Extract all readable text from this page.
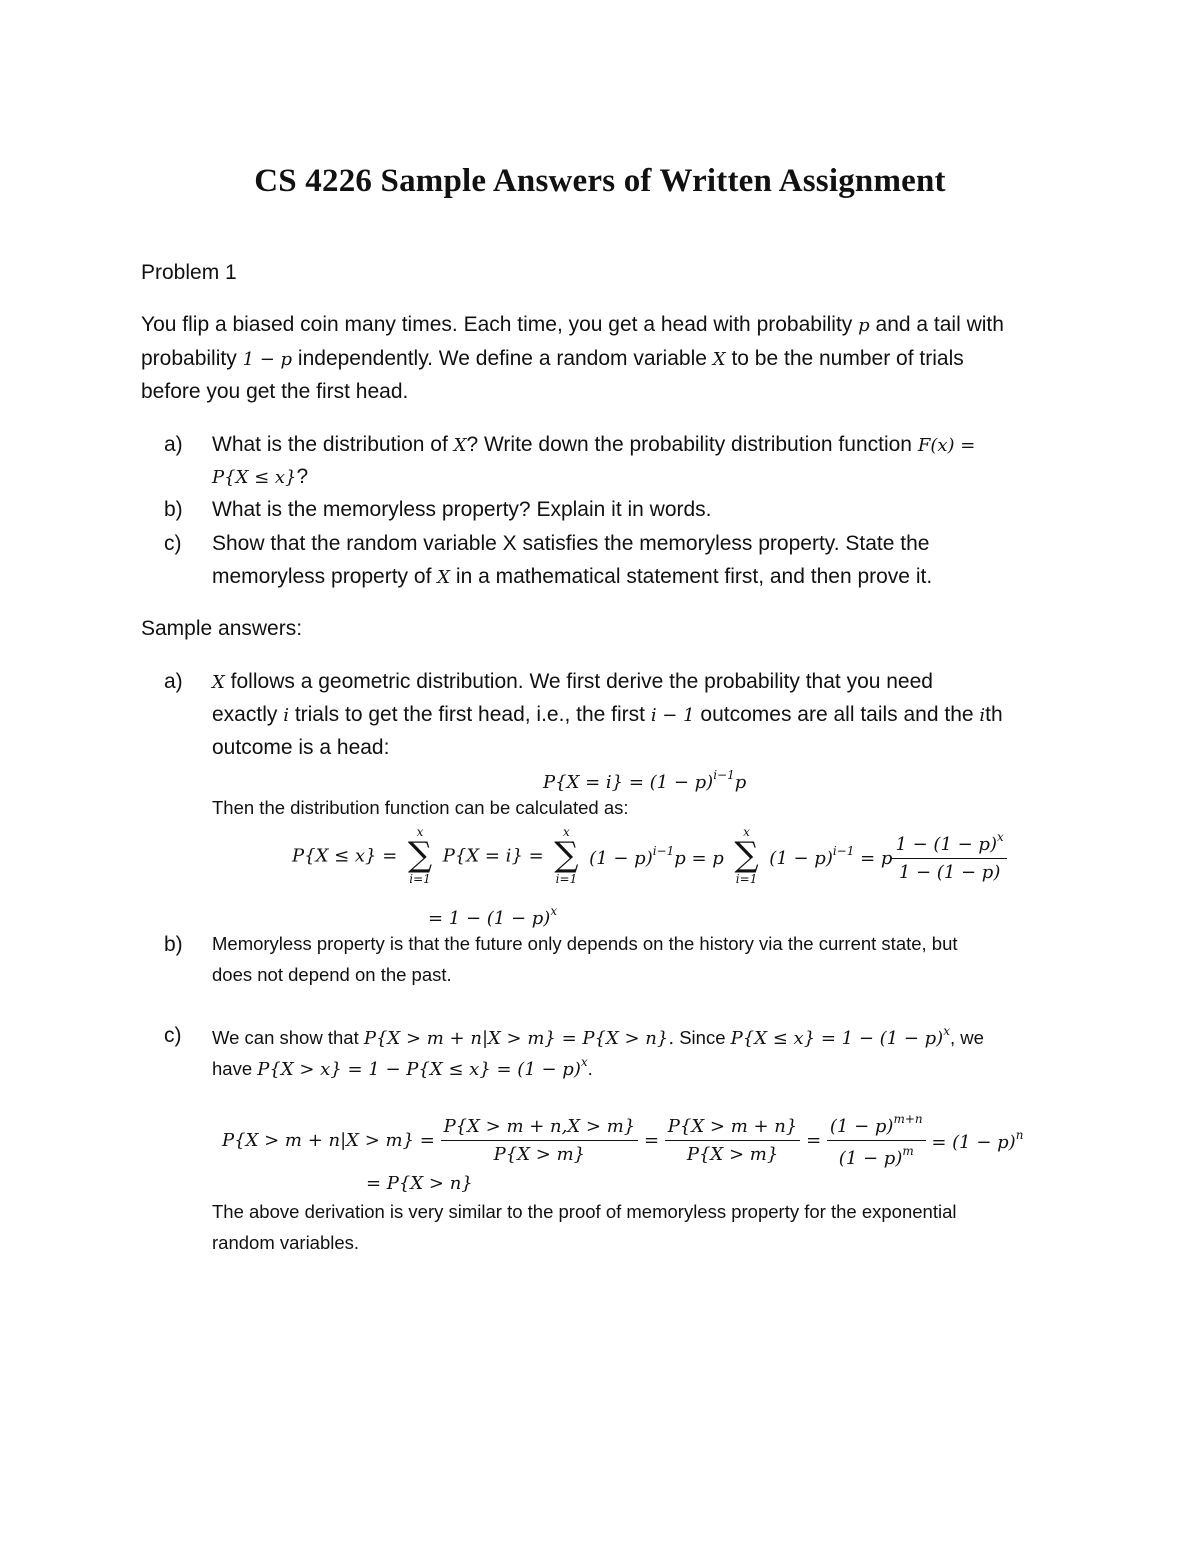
CS 4226 Sample Answers of Written Assignment
Problem 1
You flip a biased coin many times. Each time, you get a head with probability p and a tail with
probability 1 − p independently. We define a random variable X to be the number of trials
before you get the first head.
a) What is the distribution of X? Write down the probability distribution function F(x) =
P{X ≤ x}?
b) What is the memoryless property? Explain it in words.
c) Show that the random variable X satisfies the memoryless property. State the
memoryless property of X in a mathematical statement first, and then prove it.
Sample answers:
a) X follows a geometric distribution. We first derive the probability that you need
exactly i trials to get the first head, i.e., the first i − 1 outcomes are all tails and the ith
outcome is a head:
$P\{X = i\} = (1 - p)^{i-1}p$
Then the distribution function can be calculated as:
P{X ≤ x} =
x
∑
i=1
P{X = i} =
x
∑
i=1
$(1 - p)^{i-1}p = p$
x
∑
i=1
$(1 - p)^{i-1} = p \frac{1 - (1 - p)^x}{1 - (1 - p)}$
= $1 - (1 - p)^x$
b) Memoryless property is that the future only depends on the history via the current state, but
does not depend on the past.
c) We can show that P{X > m + n|X > m} = P{X > n}. Since $P\{X \le x\} = 1 - (1 - p)^x$, we
have $P\{X > x\} = 1 - P\{X \le x\} = (1 - p)^x$.
$P\{X > m + n|X > m\} = \frac{P\{X > m + n,X > m\}}{P\{X > m\}} = \frac{P\{X > m + n\}}{P\{X > m\}} = \frac{(1 - p)^{m+n}}{(1 - p)^m} = (1 - p)^n$
= P{X > n}
The above derivation is very similar to the proof of memoryless property for the exponential
random variables.
